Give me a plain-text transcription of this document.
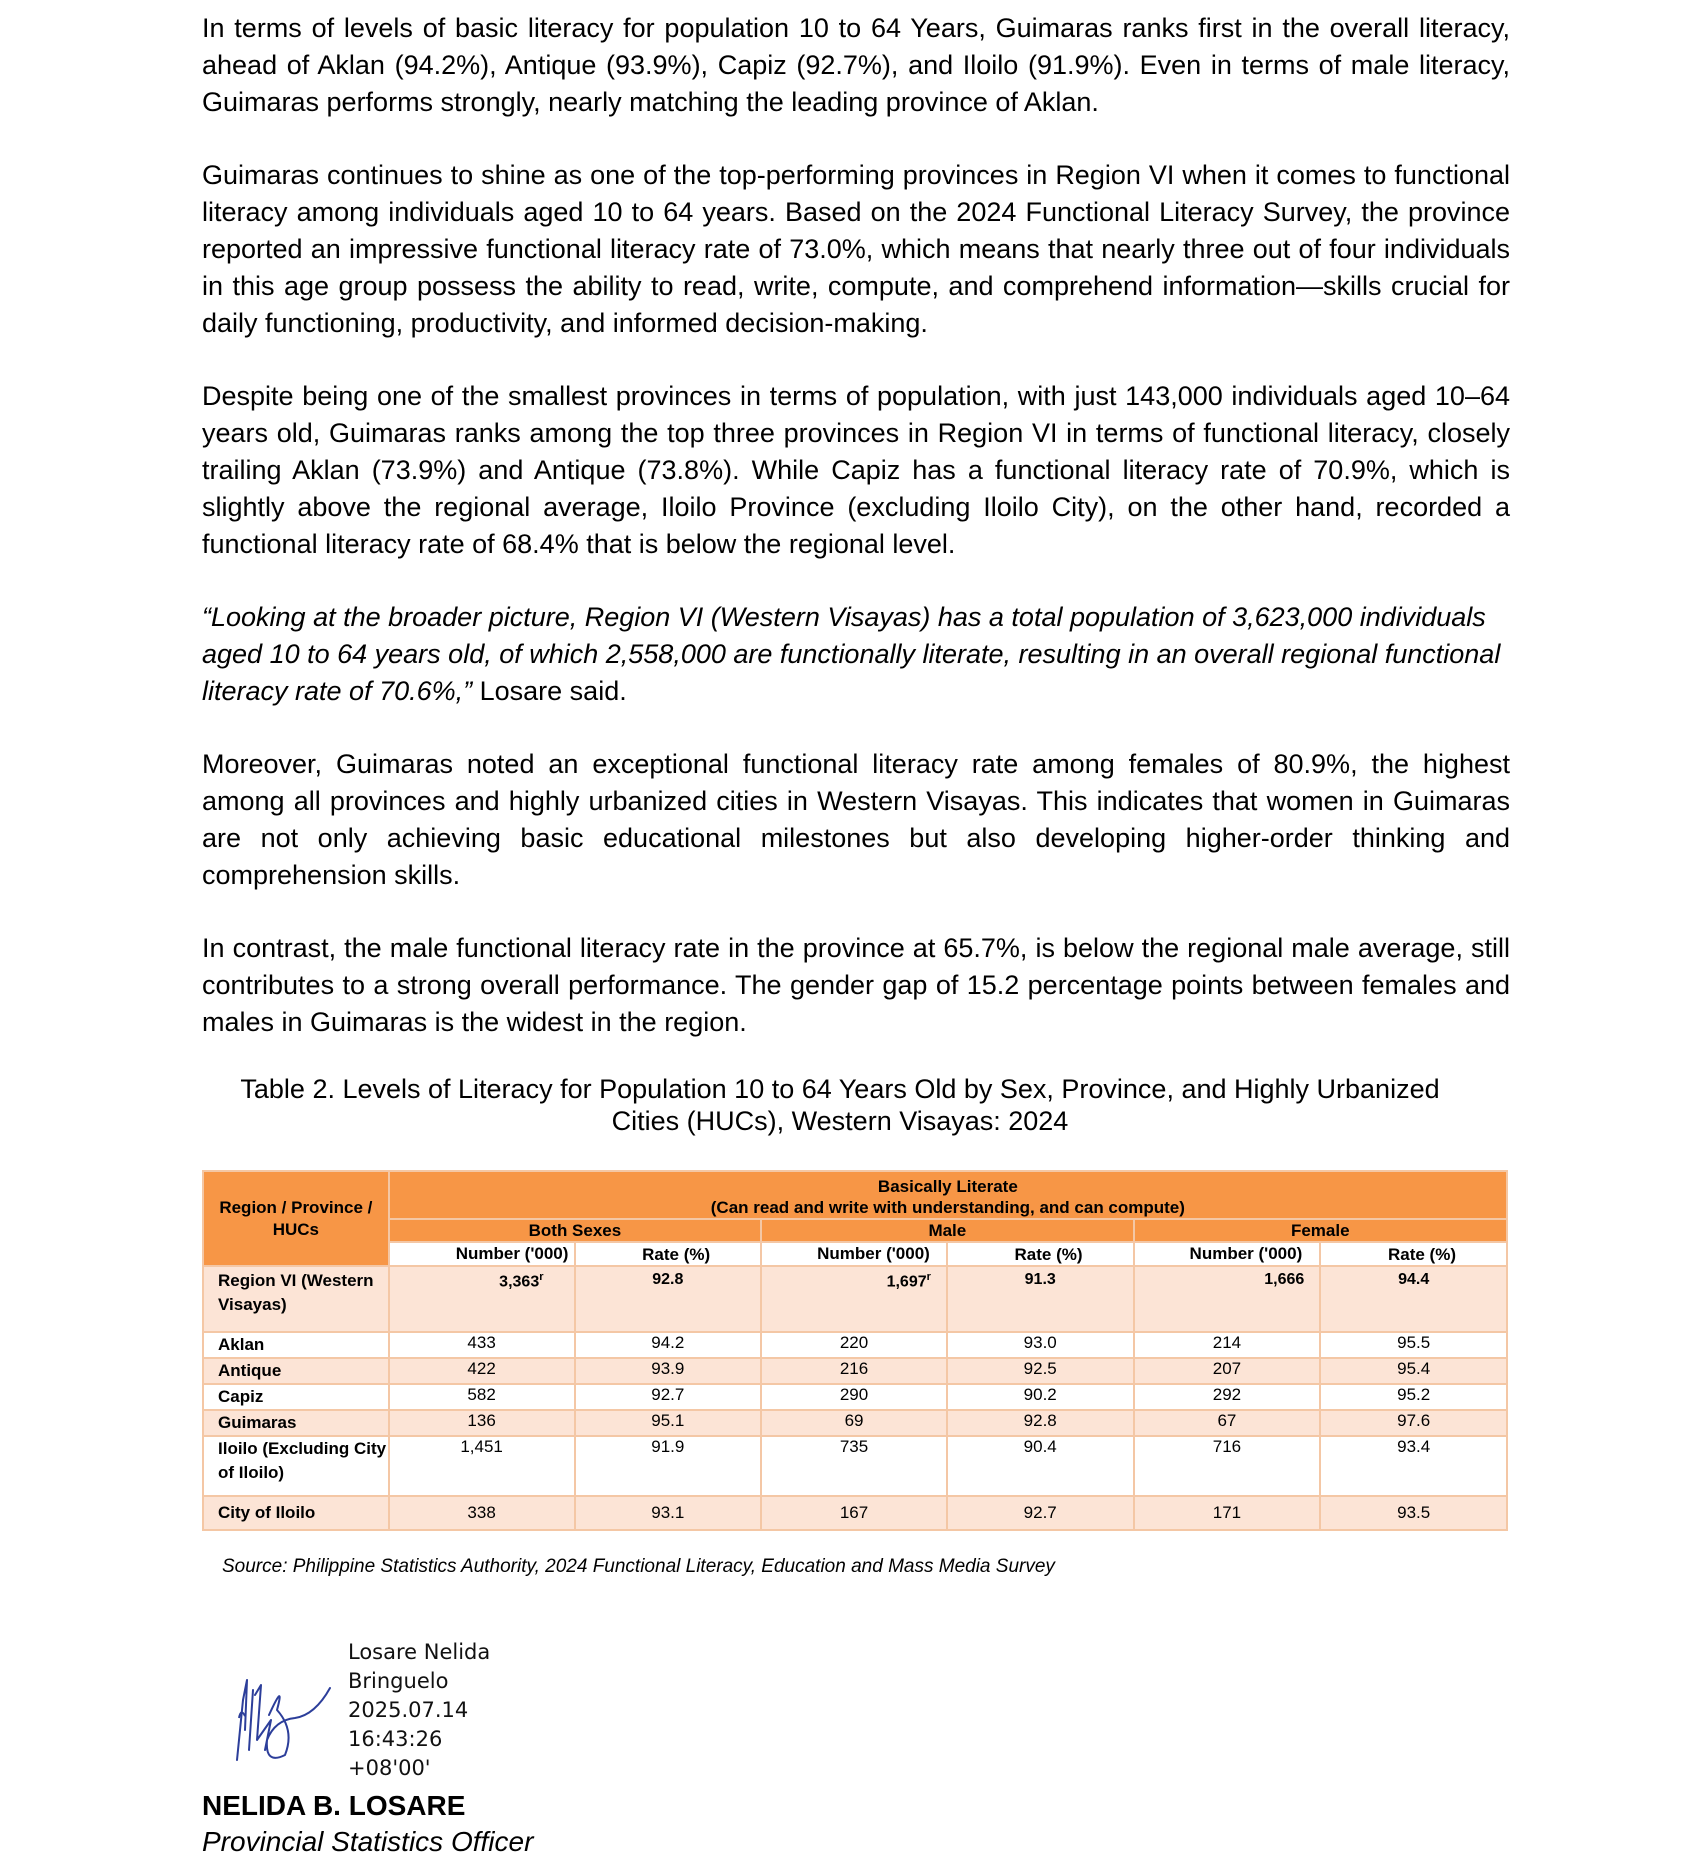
In terms of levels of basic literacy for population 10 to 64 Years, Guimaras ranks first in the overall literacy, ahead of Aklan (94.2%), Antique (93.9%), Capiz (92.7%), and Iloilo (91.9%). Even in terms of male literacy, Guimaras performs strongly, nearly matching the leading province of Aklan.

Guimaras continues to shine as one of the top-performing provinces in Region VI when it comes to functional literacy among individuals aged 10 to 64 years. Based on the 2024 Functional Literacy Survey, the province reported an impressive functional literacy rate of 73.0%, which means that nearly three out of four individuals in this age group possess the ability to read, write, compute, and comprehend information—skills crucial for daily functioning, productivity, and informed decision-making.

Despite being one of the smallest provinces in terms of population, with just 143,000 individuals aged 10–64 years old, Guimaras ranks among the top three provinces in Region VI in terms of functional literacy, closely trailing Aklan (73.9%) and Antique (73.8%). While Capiz has a functional literacy rate of 70.9%, which is slightly above the regional average, Iloilo Province (excluding Iloilo City), on the other hand, recorded a functional literacy rate of 68.4% that is below the regional level.

“Looking at the broader picture, Region VI (Western Visayas) has a total population of 3,623,000 individuals aged 10 to 64 years old, of which 2,558,000 are functionally literate, resulting in an overall regional functional literacy rate of 70.6%,” Losare said.

Moreover, Guimaras noted an exceptional functional literacy rate among females of 80.9%, the highest among all provinces and highly urbanized cities in Western Visayas. This indicates that women in Guimaras are not only achieving basic educational milestones but also developing higher-order thinking and comprehension skills.

In contrast, the male functional literacy rate in the province at 65.7%, is below the regional male average, still contributes to a strong overall performance. The gender gap of 15.2 percentage points between females and males in Guimaras is the widest in the region.

Table 2. Levels of Literacy for Population 10 to 64 Years Old by Sex, Province, and Highly Urbanized
Cities (HUCs), Western Visayas: 2024
Region / Province / HUCs	Basically Literate
(Can read and write with understanding, and can compute)					

	Both Sexes		Male		Female	
	Number ('000)	Rate (%)	Number ('000)	Rate (%)	Number ('000)	Rate (%)
Region VI (Western Visayas)	3,363$^r$	92.8	1,697$^r$	91.3	1,666	94.4
Aklan	433	94.2	220	93.0	214	95.5
Antique	422	93.9	216	92.5	207	95.4
Capiz	582	92.7	290	90.2	292	95.2
Guimaras	136	95.1	69	92.8	67	97.6
Iloilo (Excluding City of Iloilo)	1,451	91.9	735	90.4	716	93.4
City of Iloilo	338	93.1	167	92.7	171	93.5
Source: Philippine Statistics Authority, 2024 Functional Literacy, Education and Mass Media Survey
Losare Nelida
Bringuelo
2025.07.14
16:43:26
+08'00'
NELIDA B. LOSARE
Provincial Statistics Officer
